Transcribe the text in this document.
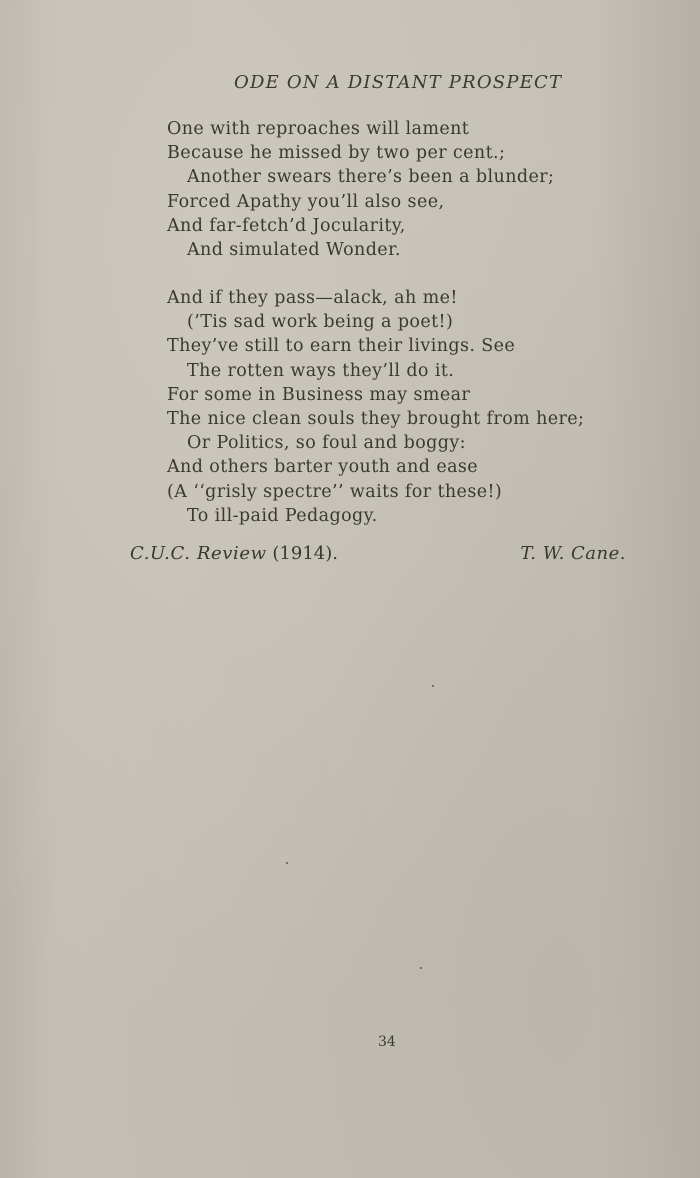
ODE ON A DISTANT PROSPECT
One with reproaches will lament
Because he missed by two per cent.;
Another swears there’s been a blunder;
Forced Apathy you’ll also see,
And far-fetch’d Jocularity,
And simulated Wonder.
And if they pass—alack, ah me!
(’Tis sad work being a poet!)
They’ve still to earn their livings. See
The rotten ways they’ll do it.
For some in Business may smear
The nice clean souls they brought from here;
Or Politics, so foul and boggy:
And others barter youth and ease
(A ‘‘grisly spectre’’ waits for these!)
To ill-paid Pedagogy.
C.U.C. Review (1914).	T. W. Cane.
34
